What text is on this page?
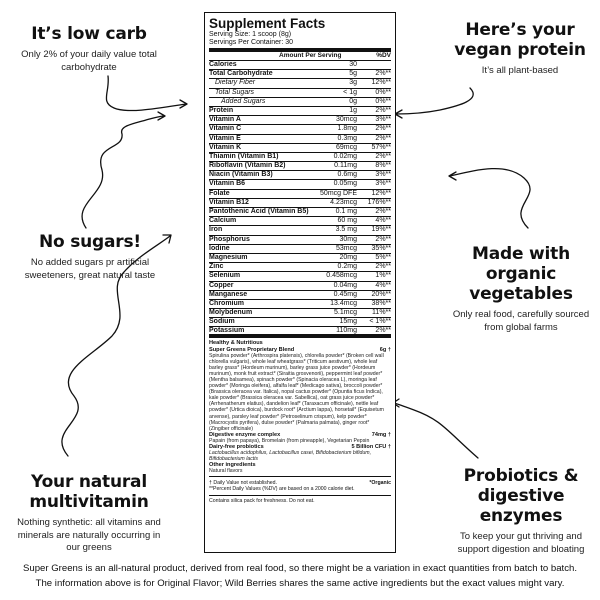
It’s low carb

Only 2% of your daily value total carbohydrate

Here’s your vegan protein

It’s all plant-based

No sugars!

No added sugars pr artificial sweeteners, great natural taste

Made with organic vegetables

Only real food, carefully sourced from global farms

Your natural multivitamin

Nothing synthetic: all vitamins and minerals are naturally occurring in our greens

Probiotics & digestive enzymes

To keep your gut thriving and support digestion and bloating

Supplement Facts
Serving Size: 1 scoop (8g)
Servings Per Container: 30
Amount Per Serving	%DV
Calories	30
Total Carbohydrate	5g	2%**
Dietary Fiber	3g	12%**
Total Sugars	< 1g	0%**
Added Sugars	0g	0%**
Protein	1g	2%**
Vitamin A	30mcg	3%**
Vitamin C	1.8mg	2%**
Vitamin E	0.3mg	2%**
Vitamin K	69mcg	57%**
Thiamin (Vitamin B1)	0.02mg	2%**
Riboflavin (Vitamin B2)	0.11mg	8%**
Niacin (Vitamin B3)	0.6mg	3%**
Vitamin B6	0.05mg	3%**
Folate	50mcg DFE	12%**
Vitamin B12	4.23mcg	176%**
Pantothenic Acid (Vitamin B5)	0.1 mg	2%**
Calcium	60 mg	4%**
Iron	3.5 mg	19%**
Phosphorus	30mg	2%**
Iodine	53mcg	35%**
Magnesium	20mg	5%**
Zinc	0.2mg	2%**
Selenium	0.458mcg	1%**
Copper	0.04mg	4%**
Manganese	0.45mg	20%**
Chromium	13.4mcg	38%**
Molybdenum	5.1mcg	11%**
Sodium	15mg	< 1%**
Potassium	110mg	2%**
Healthy & Nutritious
Super Greens Proprietary Blend	6g †
Spirulina powder* (Arthrospira platensis), chlorella powder* (Broken cell wall chlorella vulgaris), whole leaf wheatgrass* (Triticum aestivum), whole leaf barley grass* (Hordeum murinum), barley grass juice powder* (Hordeum murinum), monk fruit extract* (Siraitia grosvenorii), peppermint leaf powder* (Mentha balsamea), spinach powder* (Spinacia oleracea L), moringa leaf powder* (Moringa oleifera), alfalfa leaf* (Medicago sativa), broccoli powder* (Brassica oleracea var. Italica), nopal cactus powder* (Opuntia ficus Indica), kale powder* (Brassica oleracea var. Sabellica), oat grass juice powder* (Arrhenatherum elatius), dandelion leaf* (Taraxacum officinale), nettle leaf powder* (Urtica dioica), burdock root* (Arctium lappa), horsetail* (Equisetum arvense), parsley leaf powder* (Petroselinum crispum), kelp powder* (Macrocystis pyrifera), dulse powder* (Palmaria palmata), ginger root* (Zingiber officinale)
Digestive enzyme complex	74mg †
Papain (from papaya), Bromelain (from pineapple), Vegetarian Pepsin
Dairy-free probiotics	5 Billion CFU †
Lactobacillus acidophilus, Lactobacillus casei, Bifidobacterium bifidum, Bifidobacterium lactis
Other ingredients
Natural flavors
† Daily Value not established.	*Organic
**Percent Daily Values (%DV) are based on a 2000 calorie diet.
Contains silica pack for freshness. Do not eat.
Super Greens is an all-natural product, derived from real food, so there might be a variation in exact quantities from batch to batch.
The information above is for Original Flavor; Wild Berries shares the same active ingredients but the exact values might vary.
